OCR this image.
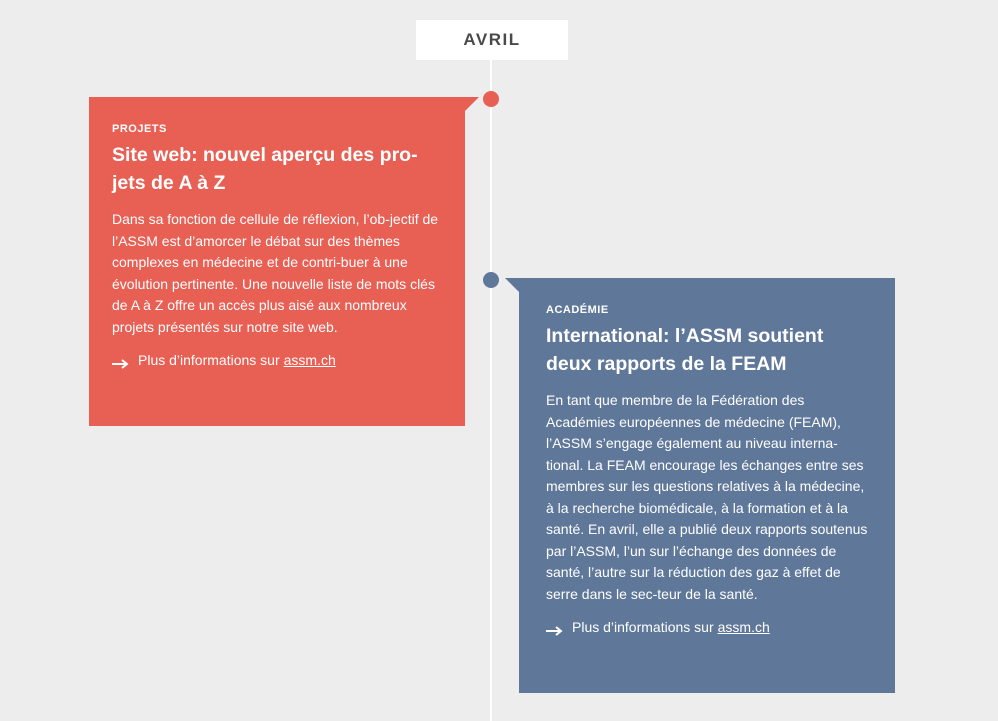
AVRIL
PROJETS
Site web: nouvel aperçu des pro-jets de A à Z
Dans sa fonction de cellule de réflexion, l’ob-jectif de l’ASSM est d’amorcer le débat sur des thèmes complexes en médecine et de contri-buer à une évolution pertinente. Une nouvelle liste de mots clés de A à Z offre un accès plus aisé aux nombreux projets présentés sur notre site web.
Plus d’informations sur assm.ch
ACADÉMIE
International: l’ASSM soutient deux rapports de la FEAM
En tant que membre de la Fédération des Académies européennes de médecine (FEAM), l’ASSM s’engage également au niveau interna-tional. La FEAM encourage les échanges entre ses membres sur les questions relatives à la médecine, à la recherche biomédicale, à la formation et à la santé. En avril, elle a publié deux rapports soutenus par l’ASSM, l’un sur l’échange des données de santé, l’autre sur la réduction des gaz à effet de serre dans le sec-teur de la santé.
Plus d’informations sur assm.ch
